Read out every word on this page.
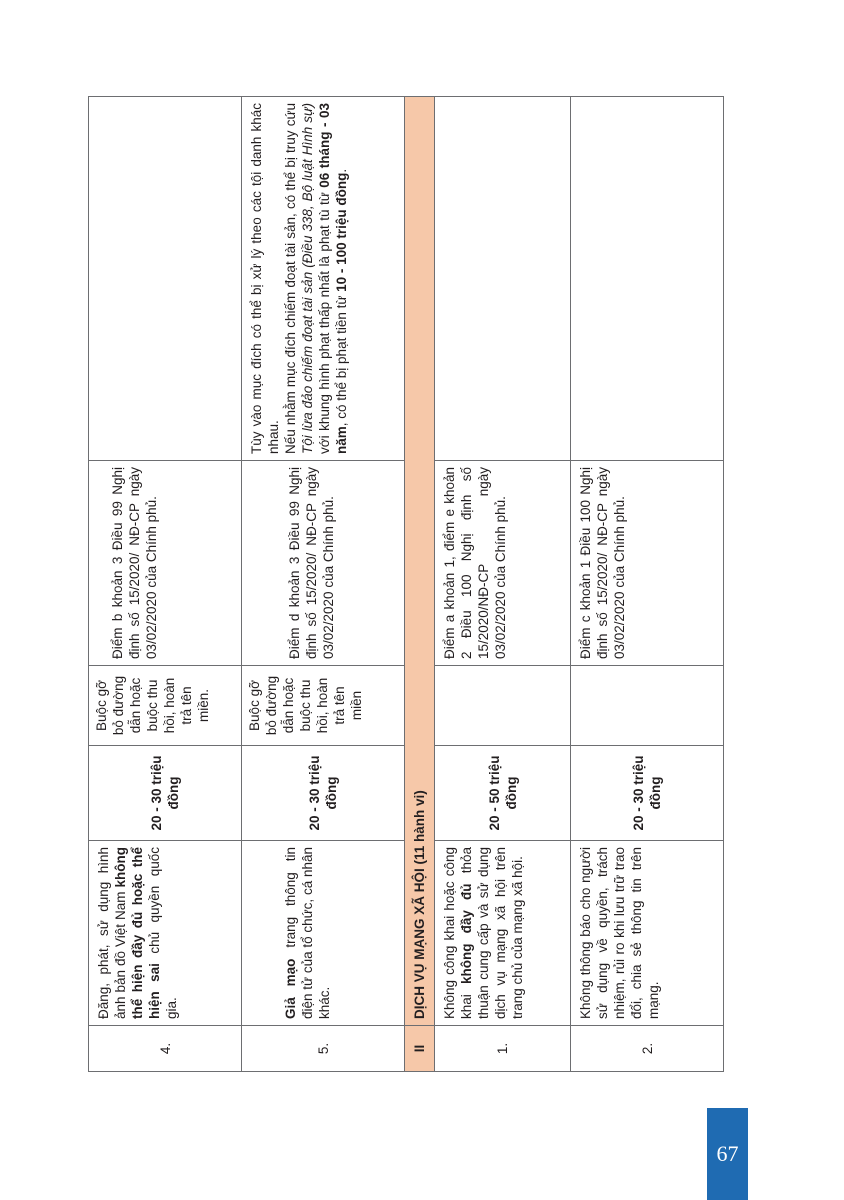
4.	Đăng, phát, sử dụng hình ảnh bản đồ Việt Nam không thể hiện đầy đủ hoặc thể hiện sai chủ quyền quốc gia.	20 - 30 triệu đồng	Buộc gỡ bỏ đường dẫn hoặc buộc thu hồi, hoàn trả tên miền.	Điểm b khoản 3 Điều 99 Nghị định số 15/2020/ NĐ-CP ngày 03/02/2020 của Chính phủ.	
5.	Giả mạo trang thông tin điện tử của tổ chức, cá nhân khác.	20 - 30 triệu đồng	Buộc gỡ bỏ đường dẫn hoặc buộc thu hồi, hoàn trả tên miền	Điểm d khoản 3 Điều 99 Nghị định số 15/2020/ NĐ-CP ngày 03/02/2020 của Chính phủ.	Tùy vào mục đích có thể bị xử lý theo các tội danh khác nhau. Nếu nhằm mục đích chiếm đoạt tài sản, có thể bị truy cứu Tội lừa đảo chiếm đoạt tài sản (Điều 338, Bộ luật Hình sự) với khung hình phạt thấp nhất là phạt tù từ 06 tháng - 03 năm, có thể bị phạt tiền từ 10 - 100 triệu đồng.

II	DỊCH VỤ MẠNG XÃ HỘI (11 hành vi)				
1.	Không công khai hoặc công khai không đầy đủ thỏa thuận cung cấp và sử dụng dịch vụ mạng xã hội trên trang chủ của mạng xã hội.	20 - 50 triệu đồng		Điểm a khoản 1, điểm e khoản 2 Điều 100 Nghị định số 15/2020/NĐ-CP ngày 03/02/2020 của Chính phủ.	
2.	Không thông báo cho người sử dụng về quyền, trách nhiệm, rủi ro khi lưu trữ trao đổi, chia sẻ thông tin trên mạng.	20 - 30 triệu đồng		Điểm c khoản 1 Điều 100 Nghị định số 15/2020/ NĐ-CP ngày 03/02/2020 của Chính phủ.	
67
